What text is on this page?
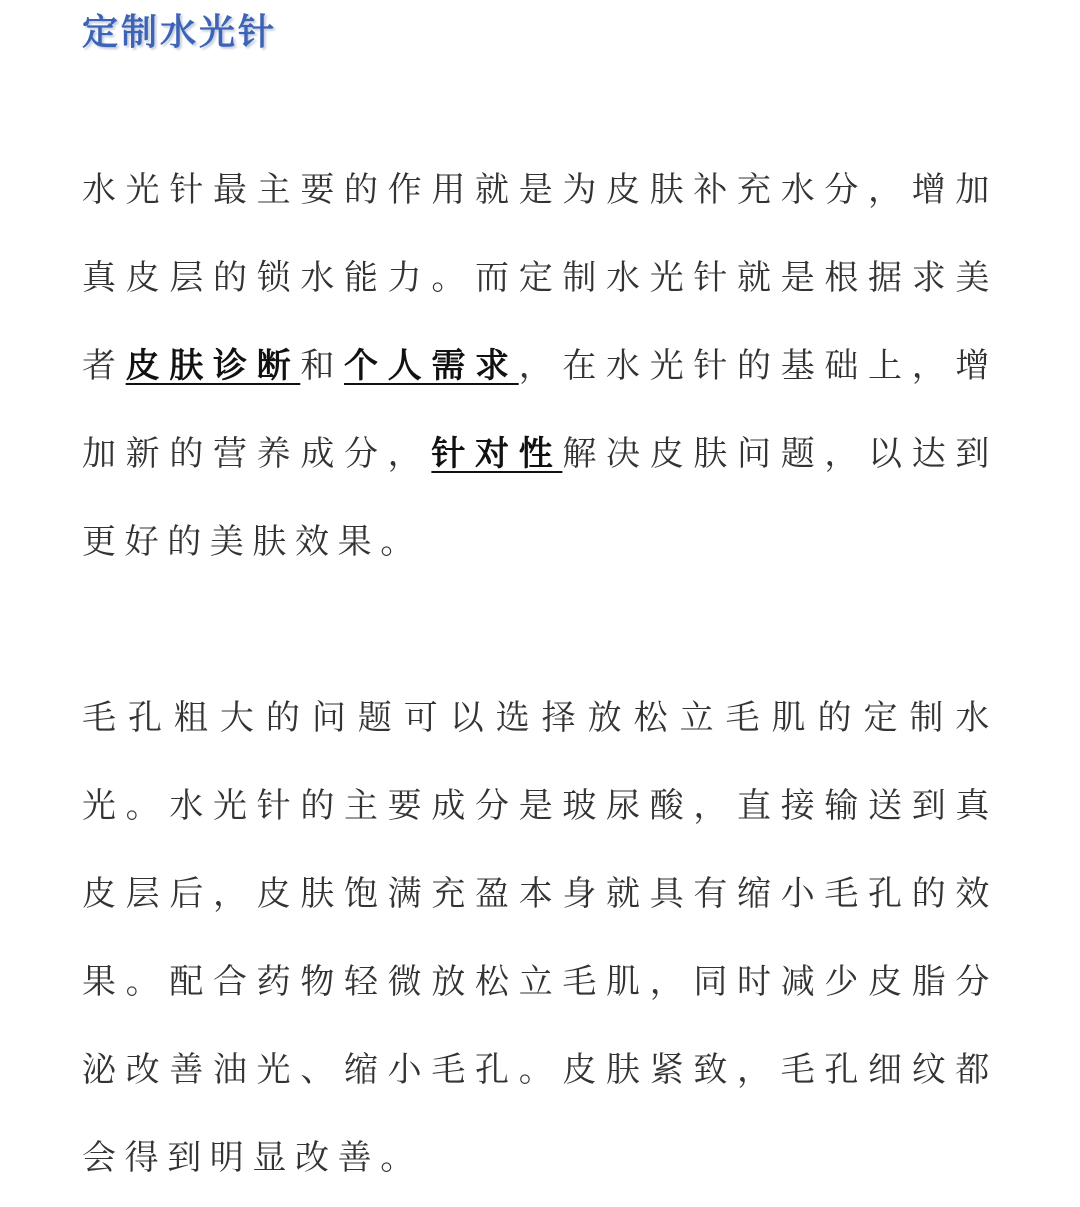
定制水光针

水光针最主要的作用就是为皮肤补充水分，增加真皮层的锁水能力。而定制水光针就是根据求美者皮肤诊断和个人需求，在水光针的基础上，增加新的营养成分，针对性解决皮肤问题，以达到更好的美肤效果。

毛孔粗大的问题可以选择放松立毛肌的定制水光。水光针的主要成分是玻尿酸，直接输送到真皮层后，皮肤饱满充盈本身就具有缩小毛孔的效果。配合药物轻微放松立毛肌，同时减少皮脂分泌改善油光、缩小毛孔。皮肤紧致，毛孔细纹都会得到明显改善。
